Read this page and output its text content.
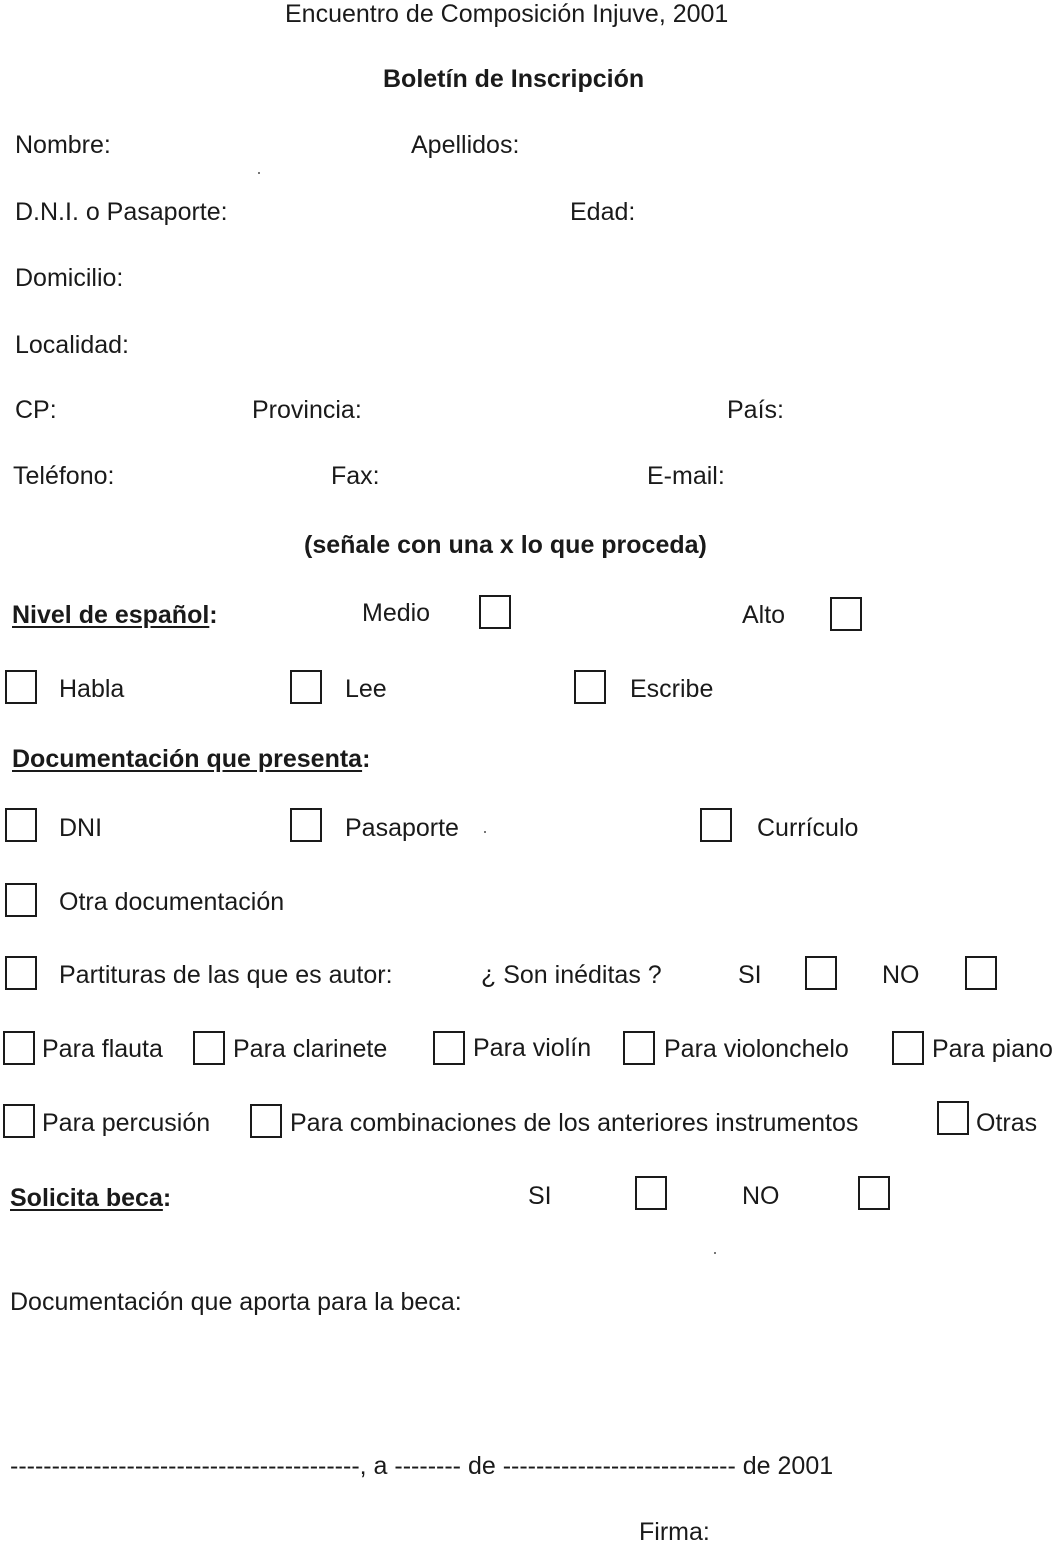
Encuentro de Composición Injuve, 2001
Boletín de Inscripción
Nombre:	Apellidos:
D.N.I. o Pasaporte:	Edad:
Domicilio:
Localidad:
CP:	Provincia:	País:
Teléfono:	Fax:	E-mail:
(señale con una x lo que proceda)
Nivel de español:	Medio	Alto
Habla	Lee	Escribe
Documentación que presenta:
DNI	Pasaporte	Currículo
Otra documentación
Partituras de las que es autor:	¿ Son inéditas ?	SI	NO
Para flauta	Para clarinete	Para violín	Para violonchelo	Para piano
Para percusión	Para combinaciones de los anteriores instrumentos	Otras
Solicita beca:	SI	NO
Documentación que aporta para la beca:
------------------------------------------, a -------- de ---------------------------- de 2001
Firma:
